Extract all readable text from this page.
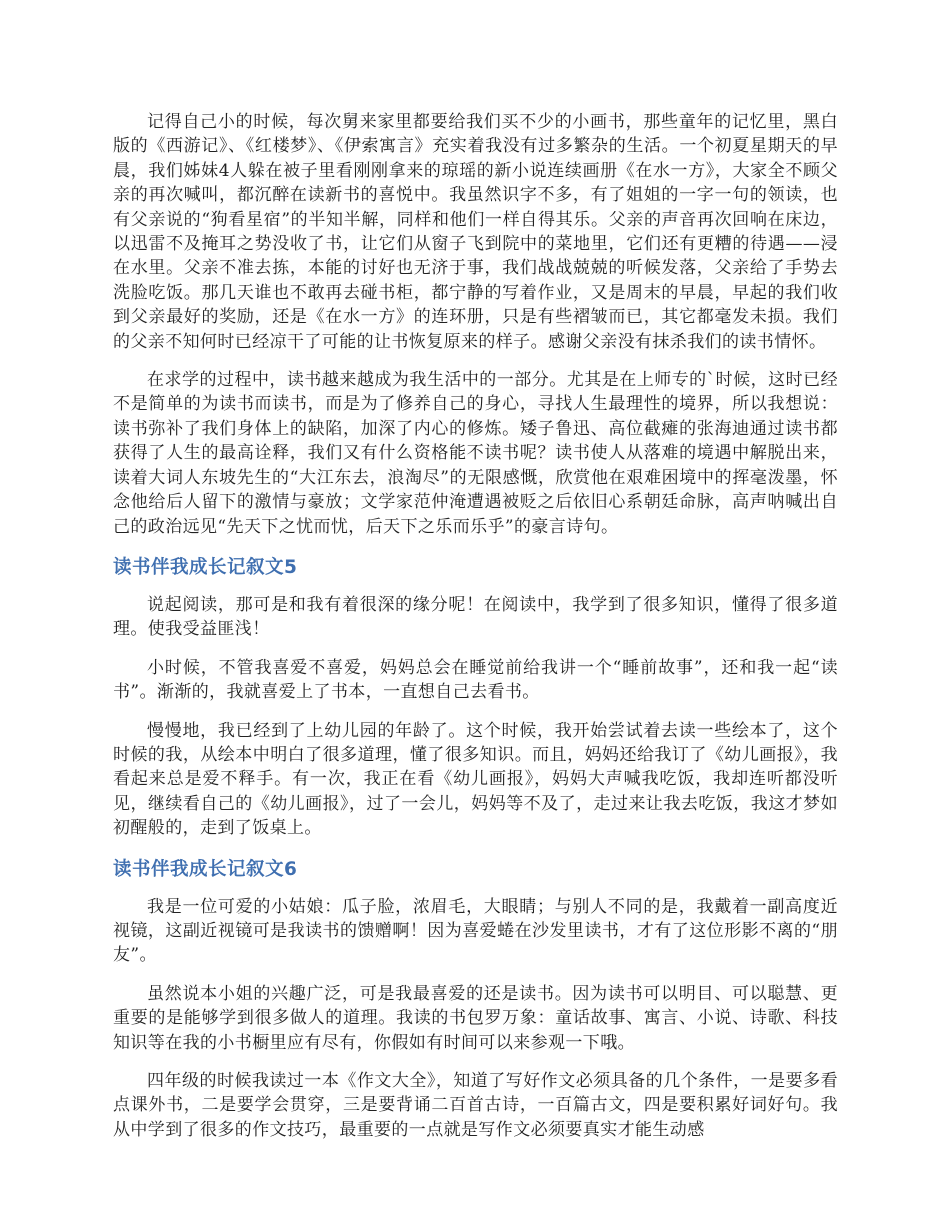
记得自己小的时候，每次舅来家里都要给我们买不少的小画书，那些童年的记忆里，黑白版的《西游记》、《红楼梦》、《伊索寓言》充实着我没有过多繁杂的生活。一个初夏星期天的早晨，我们姊妹4人躲在被子里看刚刚拿来的琼瑶的新小说连续画册《在水一方》，大家全不顾父亲的再次喊叫，都沉醉在读新书的喜悦中。我虽然识字不多，有了姐姐的一字一句的领读，也有父亲说的“狗看星宿”的半知半解，同样和他们一样自得其乐。父亲的声音再次回响在床边，以迅雷不及掩耳之势没收了书，让它们从窗子飞到院中的菜地里，它们还有更糟的待遇——浸在水里。父亲不准去拣，本能的讨好也无济于事，我们战战兢兢的听候发落，父亲给了手势去洗脸吃饭。那几天谁也不敢再去碰书柜，都宁静的写着作业，又是周末的早晨，早起的我们收到父亲最好的奖励，还是《在水一方》的连环册，只是有些褶皱而已，其它都毫发未损。我们的父亲不知何时已经凉干了可能的让书恢复原来的样子。感谢父亲没有抹杀我们的读书情怀。

在求学的过程中，读书越来越成为我生活中的一部分。尤其是在上师专的`时候，这时已经不是简单的为读书而读书，而是为了修养自己的身心，寻找人生最理性的境界，所以我想说：读书弥补了我们身体上的缺陷，加深了内心的修炼。矮子鲁迅、高位截瘫的张海迪通过读书都获得了人生的最高诠释，我们又有什么资格能不读书呢？读书使人从落难的境遇中解脱出来，读着大词人东坡先生的“大江东去，浪淘尽”的无限感慨，欣赏他在艰难困境中的挥毫泼墨，怀念他给后人留下的激情与豪放；文学家范仲淹遭遇被贬之后依旧心系朝廷命脉，高声呐喊出自己的政治远见“先天下之忧而忧，后天下之乐而乐乎”的豪言诗句。

读书伴我成长记叙文5

说起阅读，那可是和我有着很深的缘分呢！在阅读中，我学到了很多知识，懂得了很多道理。使我受益匪浅！

小时候，不管我喜爱不喜爱，妈妈总会在睡觉前给我讲一个“睡前故事”，还和我一起“读书”。渐渐的，我就喜爱上了书本，一直想自己去看书。

慢慢地，我已经到了上幼儿园的年龄了。这个时候，我开始尝试着去读一些绘本了，这个时候的我，从绘本中明白了很多道理，懂了很多知识。而且，妈妈还给我订了《幼儿画报》，我看起来总是爱不释手。有一次，我正在看《幼儿画报》，妈妈大声喊我吃饭，我却连听都没听见，继续看自己的《幼儿画报》，过了一会儿，妈妈等不及了，走过来让我去吃饭，我这才梦如初醒般的，走到了饭桌上。

读书伴我成长记叙文6

我是一位可爱的小姑娘：瓜子脸，浓眉毛，大眼睛；与别人不同的是，我戴着一副高度近视镜，这副近视镜可是我读书的馈赠啊！因为喜爱蜷在沙发里读书，才有了这位形影不离的“朋友”。

虽然说本小姐的兴趣广泛，可是我最喜爱的还是读书。因为读书可以明目、可以聪慧、更重要的是能够学到很多做人的道理。我读的书包罗万象：童话故事、寓言、小说、诗歌、科技知识等在我的小书橱里应有尽有，你假如有时间可以来参观一下哦。

四年级的时候我读过一本《作文大全》，知道了写好作文必须具备的几个条件，一是要多看点课外书，二是要学会贯穿，三是要背诵二百首古诗，一百篇古文，四是要积累好词好句。我从中学到了很多的作文技巧，最重要的一点就是写作文必须要真实才能生动感
